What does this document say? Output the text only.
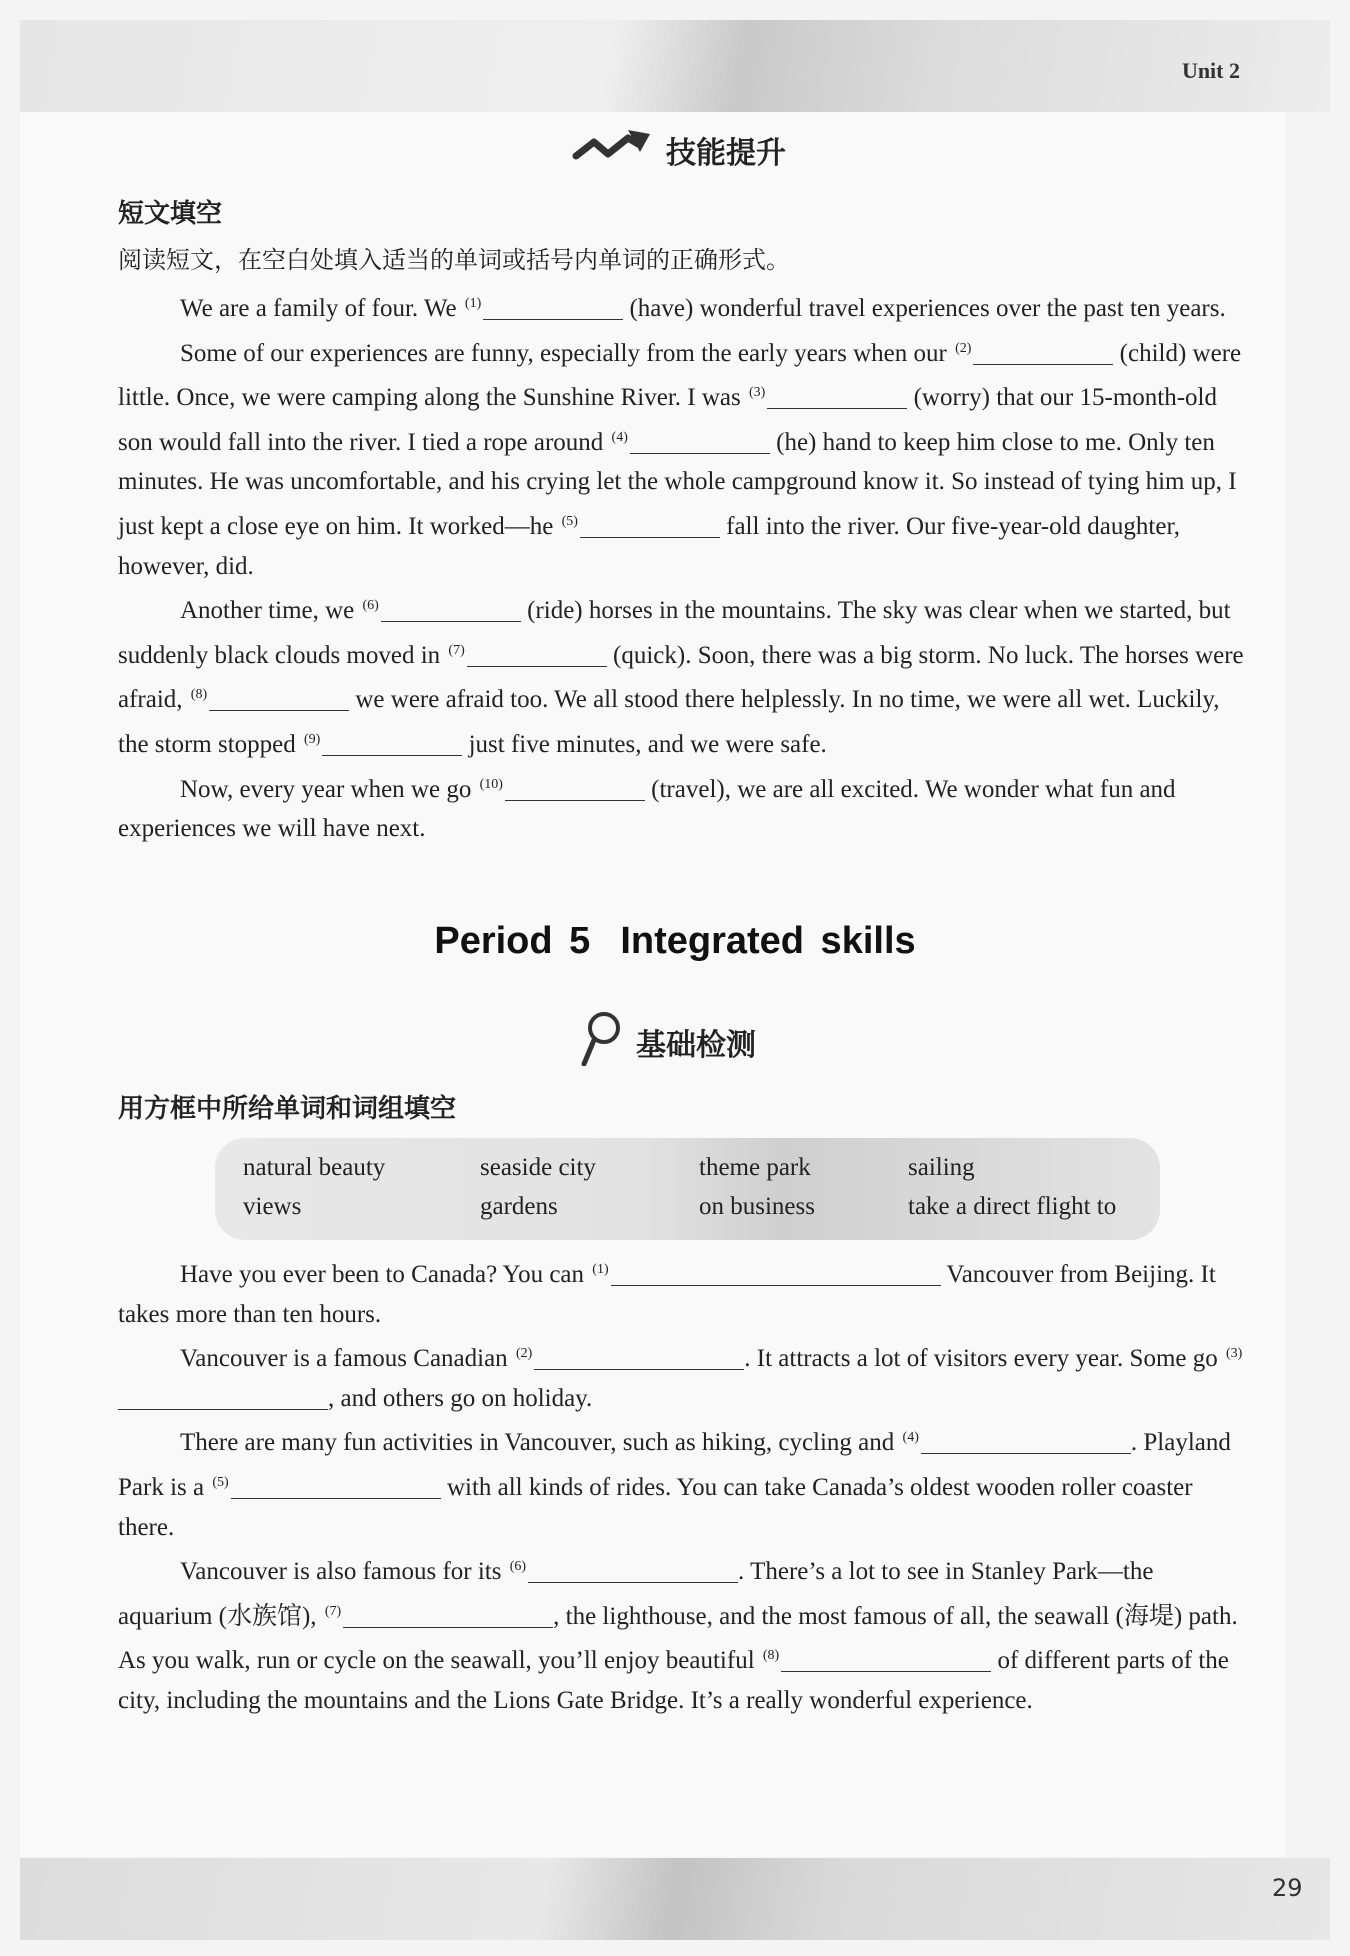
Unit 2
技能提升
短文填空
阅读短文，在空白处填入适当的单词或括号内单词的正确形式。

We are a family of four. We $^{(1)}$	(have) wonderful travel experiences over the past ten years.

Some of our experiences are funny, especially from the early years when our $^{(2)}$	(child) were little. Once, we were camping along the Sunshine River. I was $^{(3)}$	(worry) that our 15-month-old son would fall into the river. I tied a rope around $^{(4)}$	(he) hand to keep him close to me. Only ten minutes. He was uncomfortable, and his crying let the whole campground know it. So instead of tying him up, I just kept a close eye on him. It worked—he $^{(5)}$	fall into the river. Our five-year-old daughter, however, did.

Another time, we $^{(6)}$	(ride) horses in the mountains. The sky was clear when we started, but suddenly black clouds moved in $^{(7)}$	(quick). Soon, there was a big storm. No luck. The horses were afraid, $^{(8)}$	we were afraid too. We all stood there helplessly. In no time, we were all wet. Luckily, the storm stopped $^{(9)}$	just five minutes, and we were safe.

Now, every year when we go $^{(10)}$	(travel), we are all excited. We wonder what fun and experiences we will have next.

Period 5 Integrated skills
基础检测
用方框中所给单词和词组填空
natural beauty	seaside city	theme park	sailing
views	gardens	on business	take a direct flight to

Have you ever been to Canada? You can $^{(1)}$	Vancouver from Beijing. It takes more than ten hours.

Vancouver is a famous Canadian $^{(2)}$	. It attracts a lot of visitors every year. Some go $^{(3)}$, and others go on holiday.

There are many fun activities in Vancouver, such as hiking, cycling and $^{(4)}$	. Playland Park is a $^{(5)}$	with all kinds of rides. You can take Canada’s oldest wooden roller coaster there.

Vancouver is also famous for its $^{(6)}$	. There’s a lot to see in Stanley Park—the aquarium (水族馆), $^{(7)}$	, the lighthouse, and the most famous of all, the seawall (海堤) path. As you walk, run or cycle on the seawall, you’ll enjoy beautiful $^{(8)}$	of different parts of the city, including the mountains and the Lions Gate Bridge. It’s a really wonderful experience.

29
